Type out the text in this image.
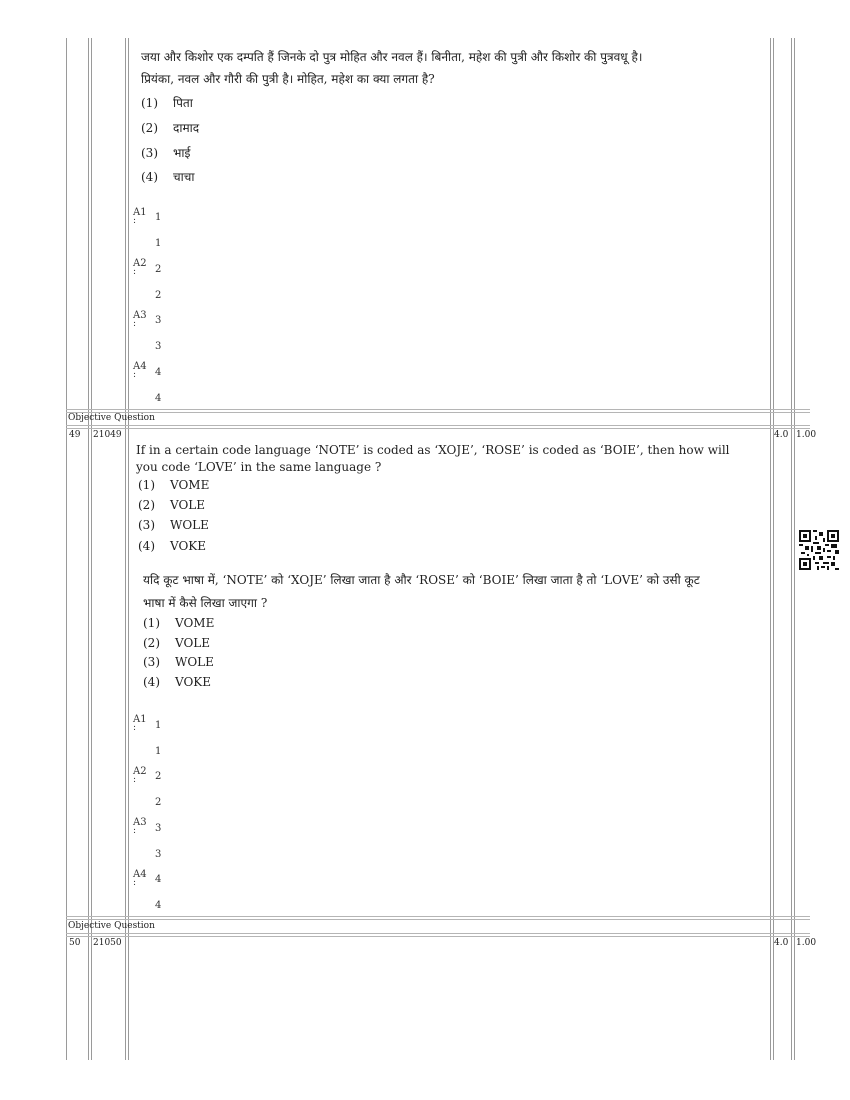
जया और किशोर एक दम्पति हैं जिनके दो पुत्र मोहित और नवल हैं। बिनीता, महेश की पुत्री और किशोर की पुत्रवधू है।
प्रियंका, नवल और गौरी की पुत्री है। मोहित, महेश का क्या लगता है?
(1) पिता
(2) दामाद
(3) भाई
(4) चाचा
A1
:	1
1
A2
:	2
2
A3
:	3
3
A4
:	4
4
Objective Question
49 21049	4.0 1.00
If in a certain code language ‘NOTE’ is coded as ‘XOJE’, ‘ROSE’ is coded as ‘BOIE’, then how will
you code ‘LOVE’ in the same language ?
(1) VOME
(2) VOLE
(3) WOLE
(4) VOKE
यदि कूट भाषा में, ‘NOTE’ को ‘XOJE’ लिखा जाता है और ‘ROSE’ को ‘BOIE’ लिखा जाता है तो ‘LOVE’ को उसी कूट
भाषा में कैसे लिखा जाएगा ?
(1) VOME
(2) VOLE
(3) WOLE
(4) VOKE
A1
:	1
1
A2
:	2
2
A3
:	3
3
A4
:	4
4
Objective Question
50 21050	4.0 1.00
